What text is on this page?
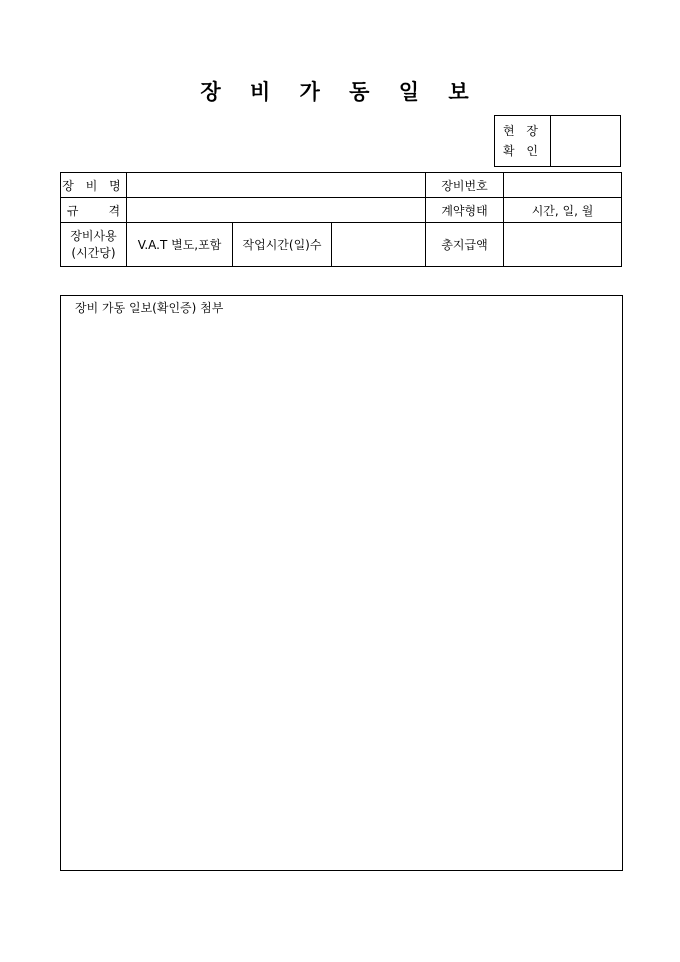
장 비 가 동 일 보
현 장
확 인

장 비 명				장비번호	
규 격				계약형태	시간, 일, 월

장비사용
(시간당)	V.A.T 별도,포함	작업시간(일)수		총지급액	
장비 가동 일보(확인증) 첨부
